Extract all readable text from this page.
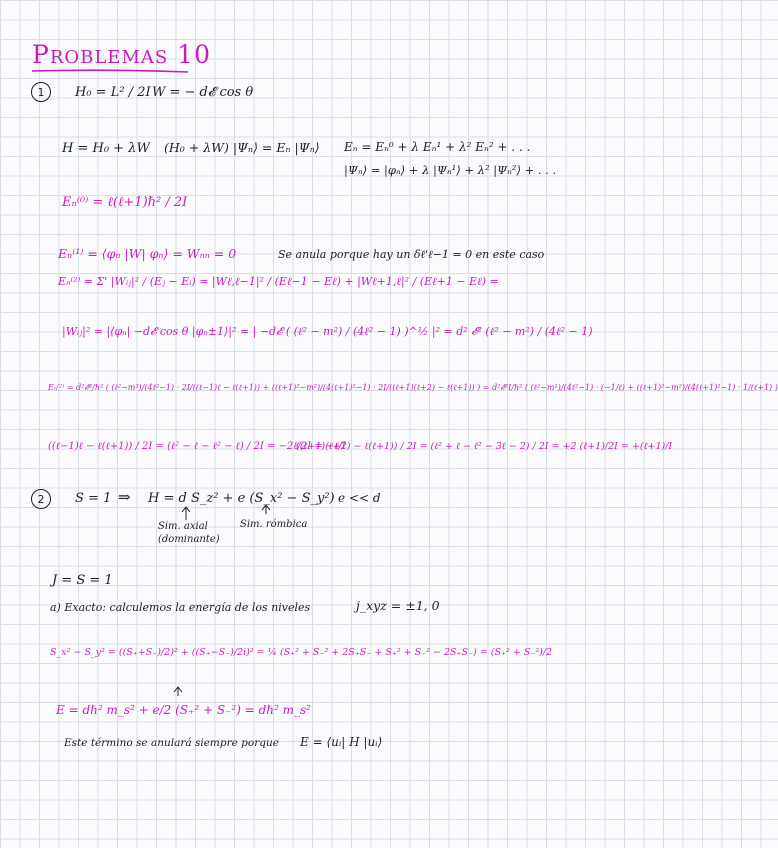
Problemas 10
1	H₀ = L² / 2I W = − d𝓔 cos θ
H = H₀ + λW (H₀ + λW) |Ψₙ⟩ = Eₙ |Ψₙ⟩ Eₙ = Eₙ⁰ + λ Eₙ¹ + λ² Eₙ² + . . .
|Ψₙ⟩ = |φₙ⟩ + λ |Ψₙ¹⟩ + λ² |Ψₙ²⟩ + . . .
Eₙ⁽⁰⁾ = ℓ(ℓ+1)ℏ² / 2I
Eₙ⁽¹⁾ = ⟨φₙ |W| φₙ⟩ = Wₙₙ = 0	Se anula porque hay un δℓ'ℓ−1 = 0 en este caso
Eₙ⁽²⁾ = Σ' |Wᵢⱼ|² / (Eⱼ − Eᵢ) = |Wℓ,ℓ−1|² / (Eℓ−1 − Eℓ) + |Wℓ+1,ℓ|² / (Eℓ+1 − Eℓ) =
|Wᵢⱼ|² = |⟨φₙ| −d𝓔 cos θ |φₙ±1⟩|² = | −d𝓔 ( (ℓ² − m²) / (4ℓ² − 1) )^½ |² = d² 𝓔² (ℓ² − m²) / (4ℓ² − 1)
Eₙ⁽²⁾ = d²𝓔²/ℏ² ( (ℓ²−m²)/(4ℓ²−1) · 2I/((ℓ−1)ℓ − ℓ(ℓ+1)) + ((ℓ+1)²−m²)/(4(ℓ+1)²−1) · 2I/((ℓ+1)(ℓ+2) − ℓ(ℓ+1)) ) = d²𝓔²I/ℏ² ( (ℓ²−m²)/(4ℓ²−1) · (−1/ℓ) + ((ℓ+1)²−m²)/(4(ℓ+1)²−1) · 1/(ℓ+1) )
((ℓ−1)ℓ − ℓ(ℓ+1)) / 2I = (ℓ² − ℓ − ℓ² − ℓ) / 2I = −2ℓ/2I = −ℓ/I
((ℓ+1)(ℓ+2) − ℓ(ℓ+1)) / 2I = (ℓ² + ℓ − ℓ² − 3ℓ − 2) / 2I = +2 (ℓ+1)/2I = +(ℓ+1)/I
2	S = 1 ⇒ H = d S_z² + e (S_x² − S_y²) e << d
Sim. axial
(dominante)
Sim. rómbica
J = S = 1
a) Exacto: calculemos la energía de los niveles	j_xyz = ±1, 0
S_x² − S_y² = ((S₊+S₋)/2)² + ((S₊−S₋)/2i)² = ¼ (S₊² + S₋² + 2S₊S₋ + S₊² + S₋² − 2S₊S₋) = (S₊² + S₋²)/2
E = dℏ² m_s² + e/2 (S₊² + S₋²) = dℏ² m_s²
Este término se anulará siempre porque E = ⟨uᵢ| H |uᵢ⟩
